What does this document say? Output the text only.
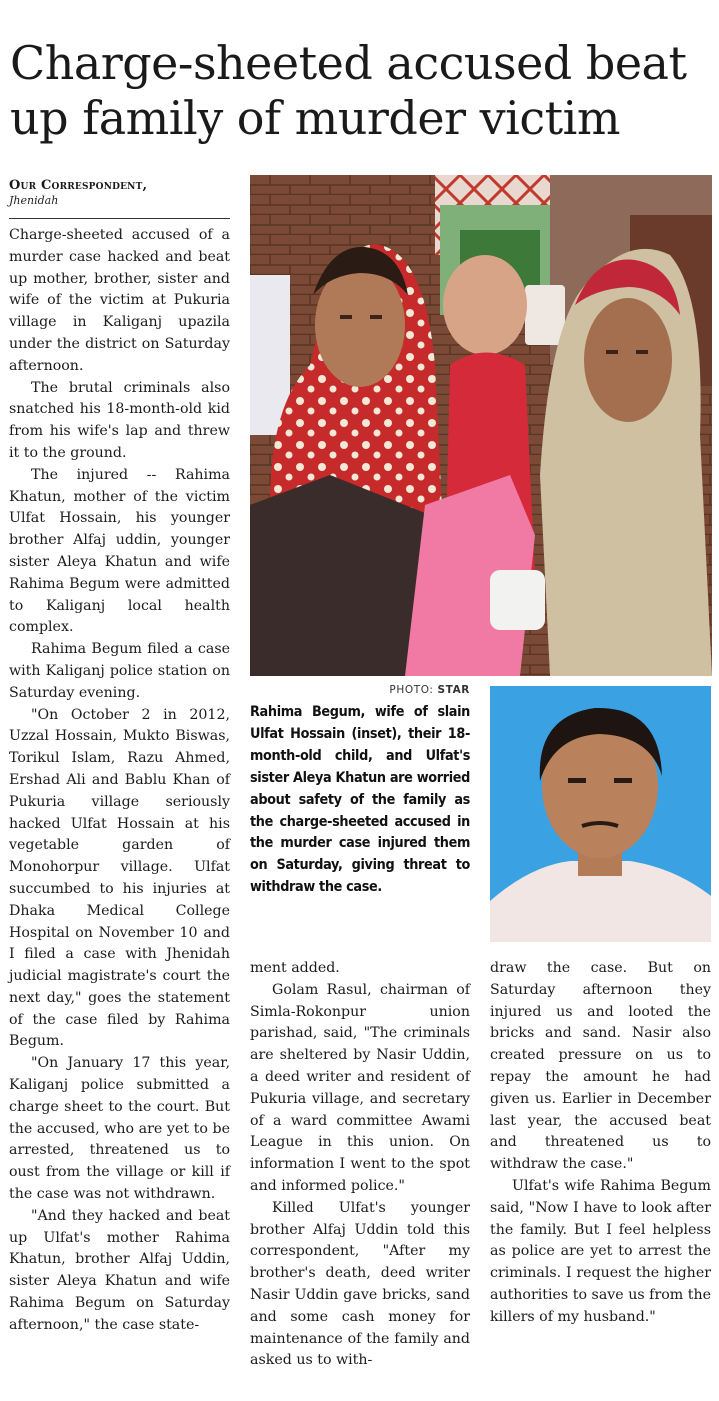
Charge-sheeted accused beat up family of murder victim
Our Correspondent,
Jhenidah

Charge-sheeted accused of a murder case hacked and beat up mother, brother, sister and wife of the victim at Pukuria village in Kaliganj upazila under the district on Saturday afternoon.

The brutal criminals also snatched his 18-month-old kid from his wife's lap and threw it to the ground.

The injured -- Rahima Khatun, mother of the victim Ulfat Hossain, his younger brother Alfaj uddin, younger sister Aleya Khatun and wife Rahima Begum were admitted to Kaliganj local health complex.

Rahima Begum filed a case with Kaliganj police station on Saturday evening.

"On October 2 in 2012, Uzzal Hossain, Mukto Biswas, Torikul Islam, Razu Ahmed, Ershad Ali and Bablu Khan of Pukuria village seriously hacked Ulfat Hossain at his vegetable garden of Monohorpur village. Ulfat succumbed to his injuries at Dhaka Medical College Hospital on November 10 and I filed a case with Jhenidah judicial magistrate's court the next day," goes the statement of the case filed by Rahima Begum.

"On January 17 this year, Kaliganj police submitted a charge sheet to the court. But the accused, who are yet to be arrested, threatened us to oust from the village or kill if the case was not withdrawn.

"And they hacked and beat up Ulfat's mother Rahima Khatun, brother Alfaj Uddin, sister Aleya Khatun and wife Rahima Begum on Saturday afternoon," the case state-

PHOTO: STAR
Rahima Begum, wife of slain Ulfat Hossain (inset), their 18-month-old child, and Ulfat's sister Aleya Khatun are worried about safety of the family as the charge-sheeted accused in the murder case injured them on Saturday, giving threat to withdraw the case.

ment added.

Golam Rasul, chairman of Simla-Rokonpur union parishad, said, "The criminals are sheltered by Nasir Uddin, a deed writer and resident of Pukuria village, and secretary of a ward committee Awami League in this union. On information I went to the spot and informed police."

Killed Ulfat's younger brother Alfaj Uddin told this correspondent, "After my brother's death, deed writer Nasir Uddin gave bricks, sand and some cash money for maintenance of the family and asked us to with-

draw the case. But on Saturday afternoon they injured us and looted the bricks and sand. Nasir also created pressure on us to repay the amount he had given us. Earlier in December last year, the accused beat and threatened us to withdraw the case."

Ulfat's wife Rahima Begum said, "Now I have to look after the family. But I feel helpless as police are yet to arrest the criminals. I request the higher authorities to save us from the killers of my husband."
